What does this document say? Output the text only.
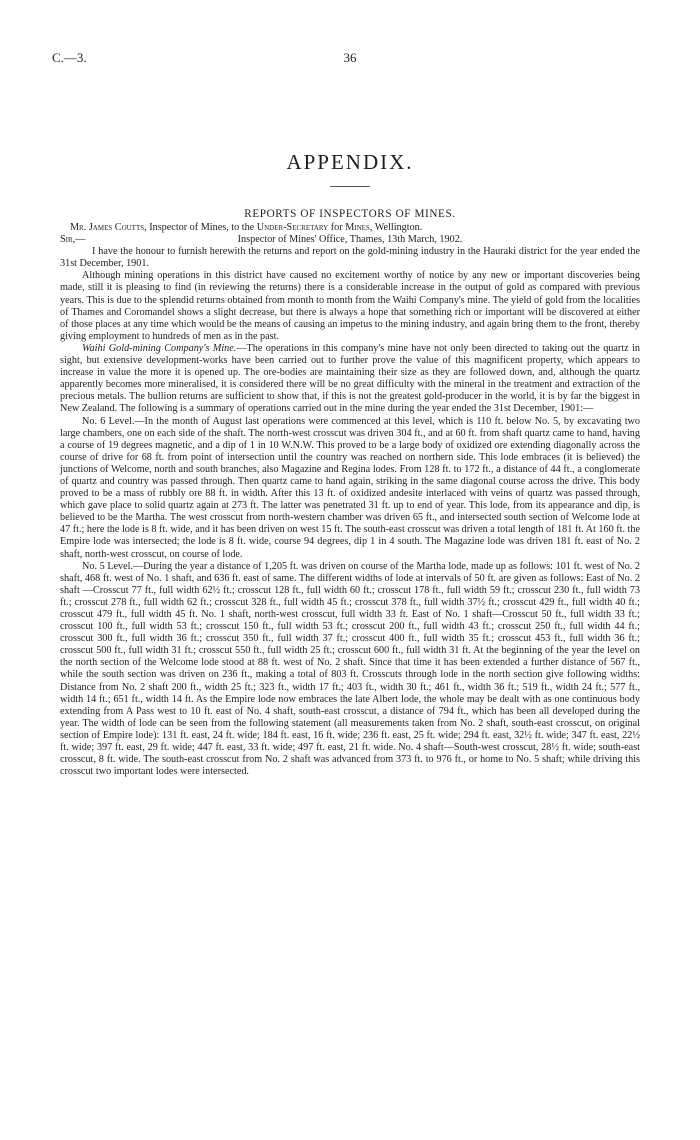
C.—3.	36
APPENDIX.
REPORTS OF INSPECTORS OF MINES.

Mr. James Coutts, Inspector of Mines, to the Under-Secretary for Mines, Wellington.

Sir,—	Inspector of Mines' Office, Thames, 13th March, 1902.

I have the honour to furnish herewith the returns and report on the gold-mining industry in the Hauraki district for the year ended the 31st December, 1901.

Although mining operations in this district have caused no excitement worthy of notice by any new or important discoveries being made, still it is pleasing to find (in reviewing the returns) there is a considerable increase in the output of gold as compared with previous years. This is due to the splendid returns obtained from month to month from the Waihi Company's mine. The yield of gold from the localities of Thames and Coromandel shows a slight decrease, but there is always a hope that something rich or important will be discovered at either of those places at any time which would be the means of causing an impetus to the mining industry, and again bring them to the front, thereby giving employment to hundreds of men as in the past.

Waihi Gold-mining Company's Mine.—The operations in this company's mine have not only been directed to taking out the quartz in sight, but extensive development-works have been carried out to further prove the value of this magnificent property, which appears to increase in value the more it is opened up. The ore-bodies are maintaining their size as they are followed down, and, although the quartz apparently becomes more mineralised, it is considered there will be no great difficulty with the mineral in the treatment and extraction of the precious metals. The bullion returns are sufficient to show that, if this is not the greatest gold-producer in the world, it is by far the biggest in New Zealand. The following is a summary of operations carried out in the mine during the year ended the 31st December, 1901:—

No. 6 Level.—In the month of August last operations were commenced at this level, which is 110 ft. below No. 5, by excavating two large chambers, one on each side of the shaft. The north-west crosscut was driven 304 ft., and at 60 ft. from shaft quartz came to hand, having a course of 19 degrees magnetic, and a dip of 1 in 10 W.N.W. This proved to be a large body of oxidized ore extending diagonally across the course of drive for 68 ft. from point of intersection until the country was reached on northern side. This lode embraces (it is believed) the junctions of Welcome, north and south branches, also Magazine and Regina lodes. From 128 ft. to 172 ft., a distance of 44 ft., a conglomerate of quartz and country was passed through. Then quartz came to hand again, striking in the same diagonal course across the drive. This body proved to be a mass of rubbly ore 88 ft. in width. After this 13 ft. of oxidized andesite interlaced with veins of quartz was passed through, which gave place to solid quartz again at 273 ft. The latter was penetrated 31 ft. up to end of year. This lode, from its appearance and dip, is believed to be the Martha. The west crosscut from north-western chamber was driven 65 ft., and intersected south section of Welcome lode at 47 ft.; here the lode is 8 ft. wide, and it has been driven on west 15 ft. The south-east crosscut was driven a total length of 181 ft. At 160 ft. the Empire lode was intersected; the lode is 8 ft. wide, course 94 degrees, dip 1 in 4 south. The Magazine lode was driven 181 ft. east of No. 2 shaft, north-west crosscut, on course of lode.

No. 5 Level.—During the year a distance of 1,205 ft. was driven on course of the Martha lode, made up as follows: 101 ft. west of No. 2 shaft, 468 ft. west of No. 1 shaft, and 636 ft. east of same. The different widths of lode at intervals of 50 ft. are given as follows: East of No. 2 shaft —Crosscut 77 ft., full width 62½ ft.; crosscut 128 ft., full width 60 ft.; crosscut 178 ft., full width 59 ft.; crosscut 230 ft., full width 73 ft.; crosscut 278 ft., full width 62 ft.; crosscut 328 ft., full width 45 ft.; crosscut 378 ft., full width 37½ ft.; crosscut 429 ft., full width 40 ft.; crosscut 479 ft., full width 45 ft. No. 1 shaft, north-west crosscut, full width 33 ft. East of No. 1 shaft—Crosscut 50 ft., full width 33 ft.; crosscut 100 ft., full width 53 ft.; crosscut 150 ft., full width 53 ft.; crosscut 200 ft., full width 43 ft.; crosscut 250 ft., full width 44 ft.; crosscut 300 ft., full width 36 ft.; crosscut 350 ft., full width 37 ft.; crosscut 400 ft., full width 35 ft.; crosscut 453 ft., full width 36 ft.; crosscut 500 ft., full width 31 ft.; crosscut 550 ft., full width 25 ft.; crosscut 600 ft., full width 31 ft. At the beginning of the year the level on the north section of the Welcome lode stood at 88 ft. west of No. 2 shaft. Since that time it has been extended a further distance of 567 ft., while the south section was driven on 236 ft., making a total of 803 ft. Crosscuts through lode in the north section give following widths: Distance from No. 2 shaft 200 ft., width 25 ft.; 323 ft., width 17 ft.; 403 ft., width 30 ft.; 461 ft., width 36 ft.; 519 ft., width 24 ft.; 577 ft., width 14 ft.; 651 ft., width 14 ft. As the Empire lode now embraces the late Albert lode, the whole may be dealt with as one continuous body extending from A Pass west to 10 ft. east of No. 4 shaft, south-east crosscut, a distance of 794 ft., which has been all developed during the year. The width of lode can be seen from the following statement (all measurements taken from No. 2 shaft, south-east crosscut, on original section of Empire lode): 131 ft. east, 24 ft. wide; 184 ft. east, 16 ft. wide; 236 ft. east, 25 ft. wide; 294 ft. east, 32½ ft. wide; 347 ft. east, 22½ ft. wide; 397 ft. east, 29 ft. wide; 447 ft. east, 33 ft. wide; 497 ft. east, 21 ft. wide. No. 4 shaft—South-west crosscut, 28½ ft. wide; south-east crosscut, 8 ft. wide. The south-east crosscut from No. 2 shaft was advanced from 373 ft. to 976 ft., or home to No. 5 shaft; while driving this crosscut two important lodes were intersected.
